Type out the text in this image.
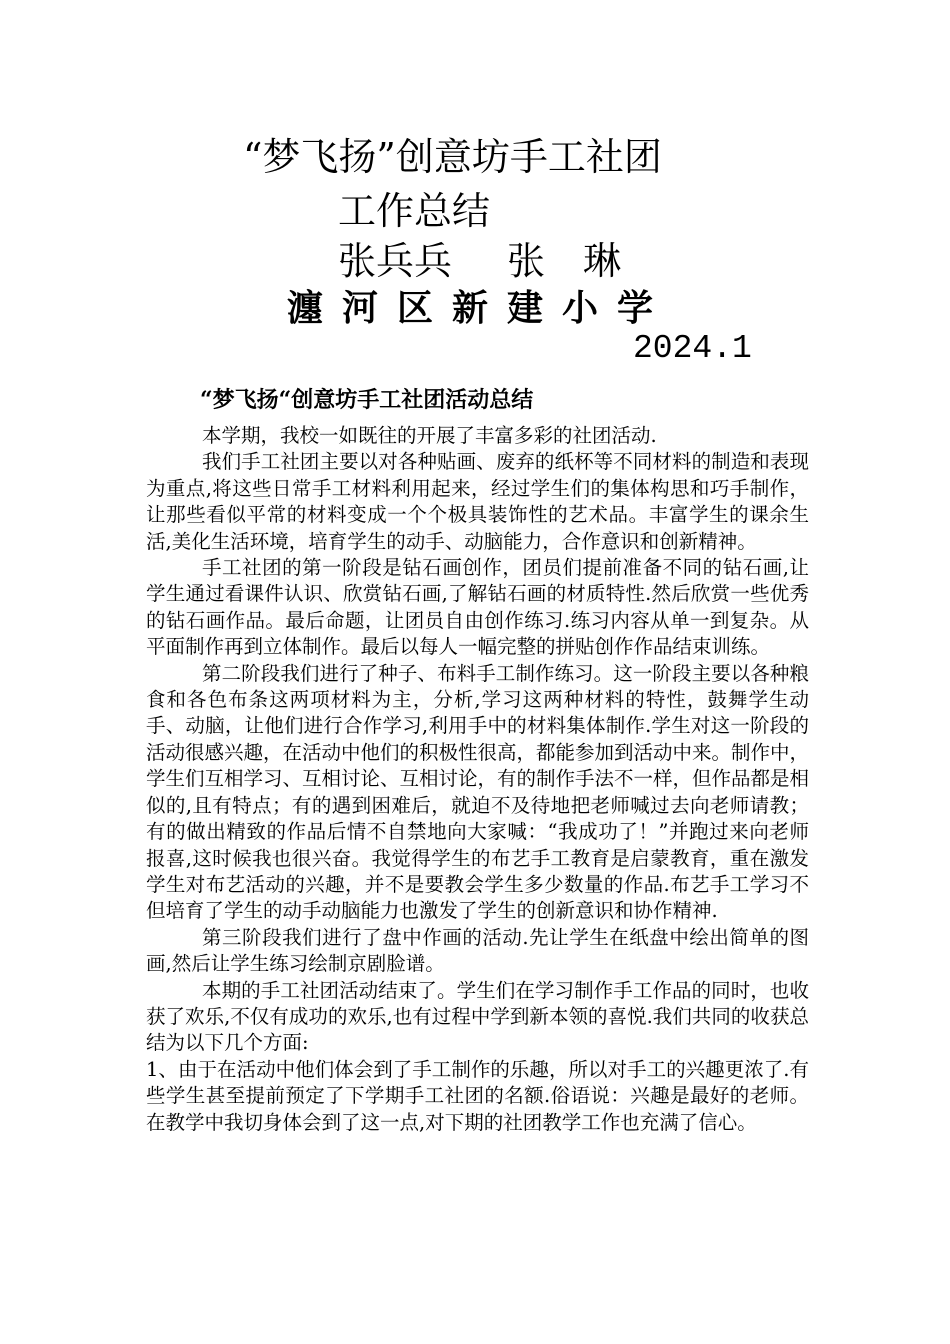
“梦飞扬”创意坊手工社团
工作总结
张兵兵 张 琳
瀍河区新建小学
2024.1
“梦飞扬“创意坊手工社团活动总结

本学期，我校一如既往的开展了丰富多彩的社团活动.

我们手工社团主要以对各种贴画、废弃的纸杯等不同材料的制造和表现为重点,将这些日常手工材料利用起来，经过学生们的集体构思和巧手制作，让那些看似平常的材料变成一个个极具装饰性的艺术品。丰富学生的课余生活,美化生活环境，培育学生的动手、动脑能力，合作意识和创新精神。

手工社团的第一阶段是钻石画创作，团员们提前准备不同的钻石画,让学生通过看课件认识、欣赏钻石画,了解钻石画的材质特性.然后欣赏一些优秀的钻石画作品。最后命题，让团员自由创作练习.练习内容从单一到复杂。从平面制作再到立体制作。最后以每人一幅完整的拼贴创作作品结束训练。

第二阶段我们进行了种子、布料手工制作练习。这一阶段主要以各种粮食和各色布条这两项材料为主，分析,学习这两种材料的特性，鼓舞学生动手、动脑，让他们进行合作学习,利用手中的材料集体制作.学生对这一阶段的活动很感兴趣，在活动中他们的积极性很高，都能参加到活动中来。制作中，学生们互相学习、互相讨论、互相讨论，有的制作手法不一样，但作品都是相似的,且有特点；有的遇到困难后，就迫不及待地把老师喊过去向老师请教；有的做出精致的作品后情不自禁地向大家喊：“我成功了！”并跑过来向老师报喜,这时候我也很兴奋。我觉得学生的布艺手工教育是启蒙教育，重在激发学生对布艺活动的兴趣，并不是要教会学生多少数量的作品.布艺手工学习不但培育了学生的动手动脑能力也激发了学生的创新意识和协作精神.

第三阶段我们进行了盘中作画的活动.先让学生在纸盘中绘出简单的图画,然后让学生练习绘制京剧脸谱。

本期的手工社团活动结束了。学生们在学习制作手工作品的同时，也收获了欢乐,不仅有成功的欢乐,也有过程中学到新本领的喜悦.我们共同的收获总结为以下几个方面:

1、由于在活动中他们体会到了手工制作的乐趣，所以对手工的兴趣更浓了.有些学生甚至提前预定了下学期手工社团的名额.俗语说：兴趣是最好的老师。在教学中我切身体会到了这一点,对下期的社团教学工作也充满了信心。
